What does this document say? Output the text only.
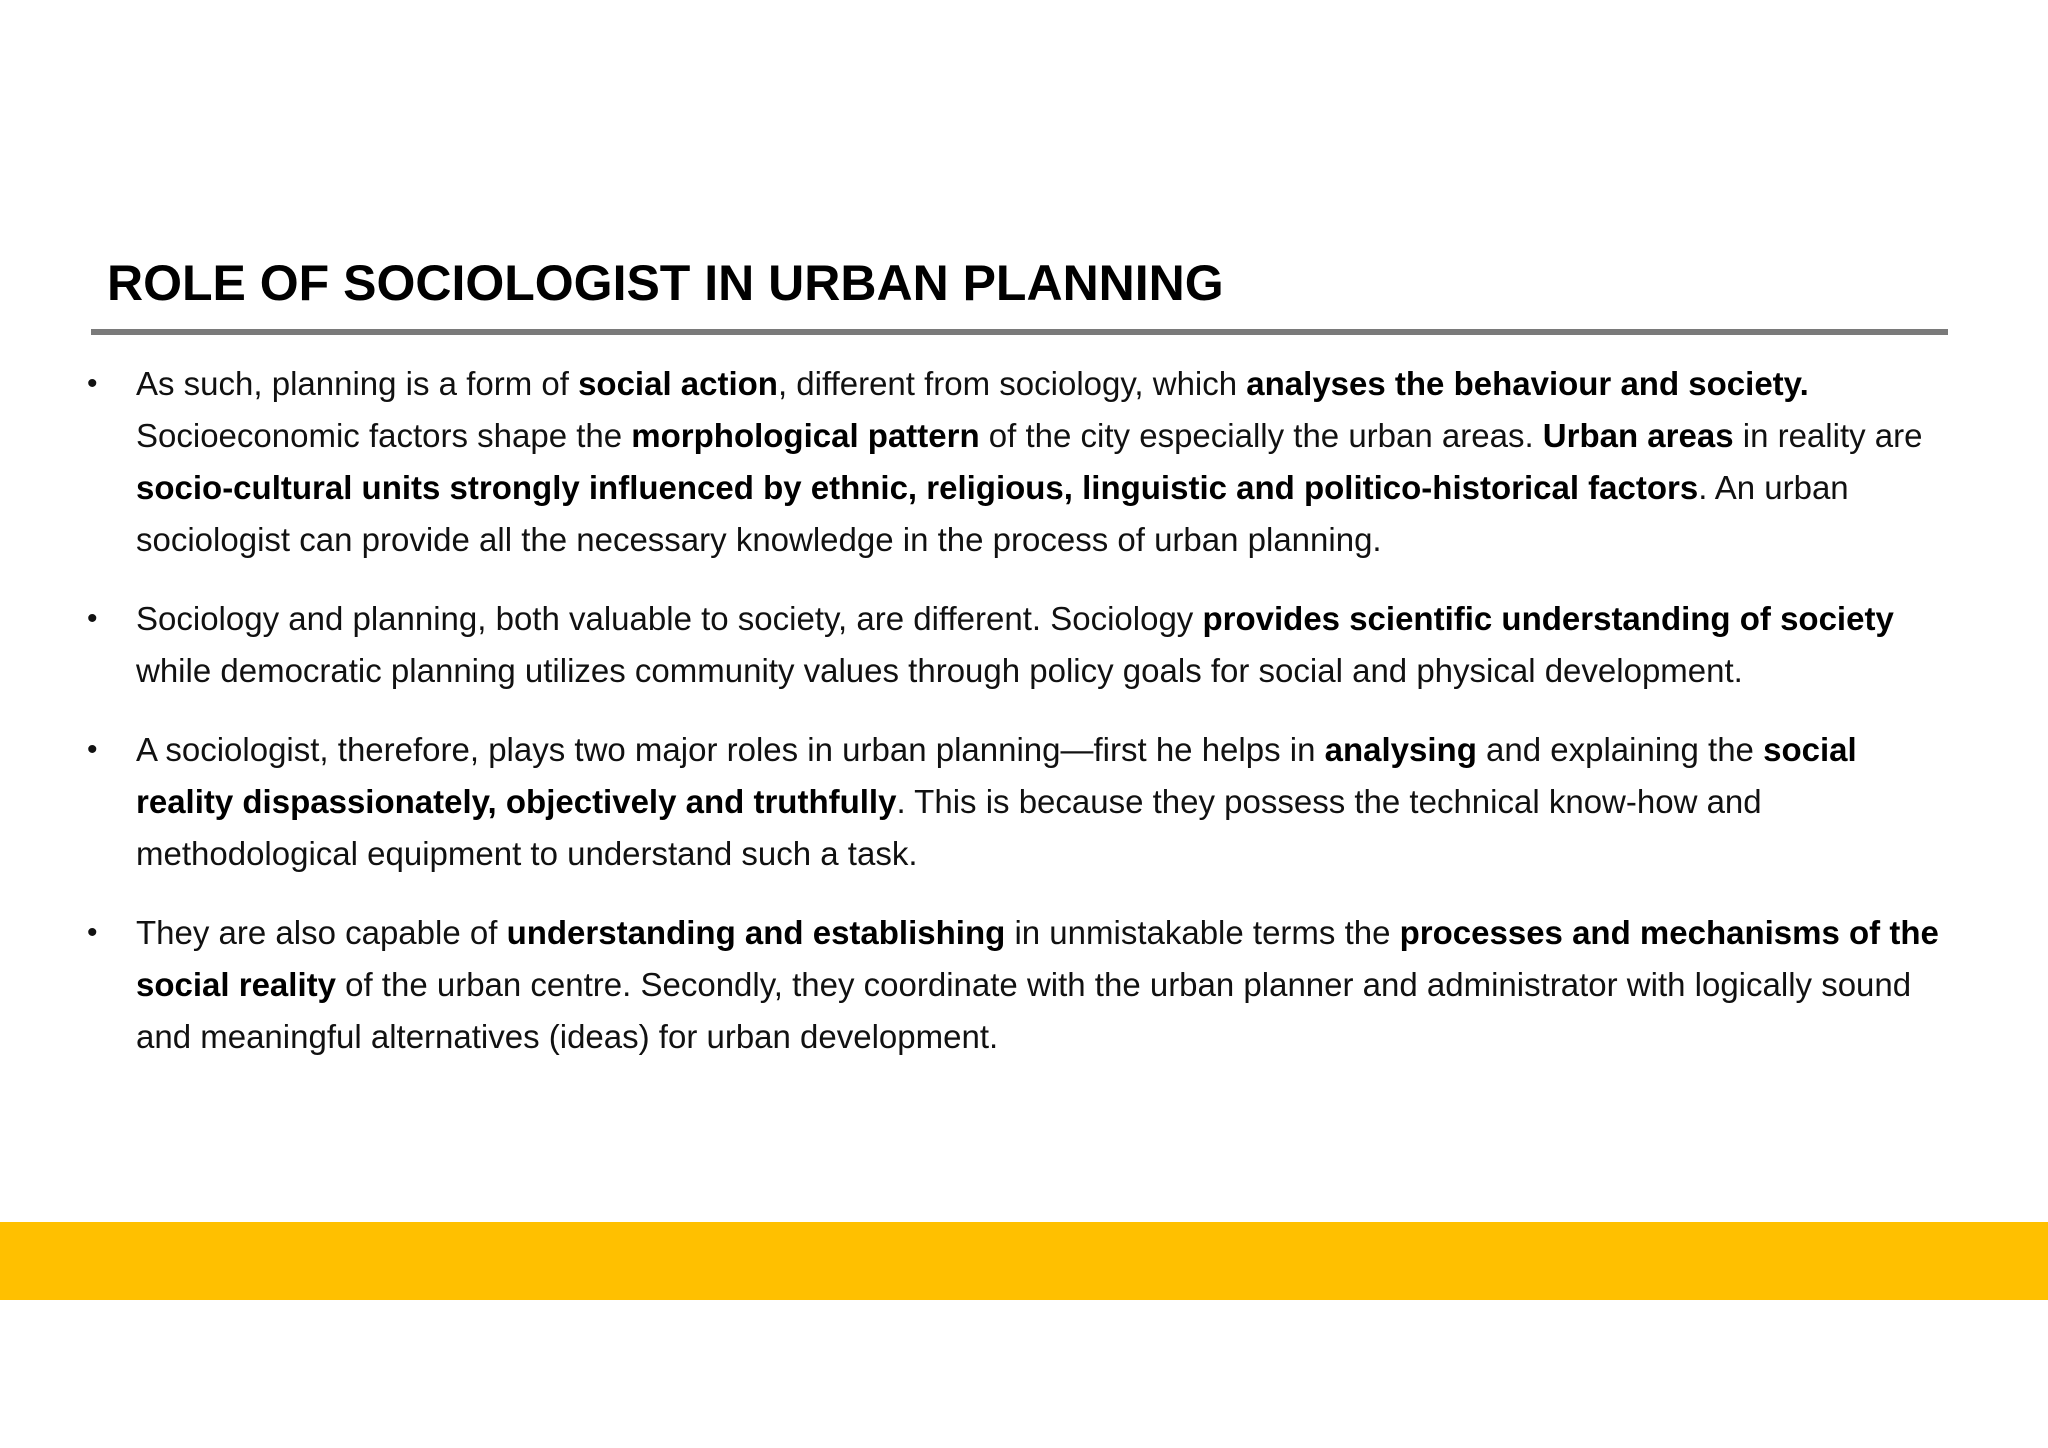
ROLE OF SOCIOLOGIST IN URBAN PLANNING
• As such, planning is a form of social action, different from sociology, which analyses the behaviour and society. Socioeconomic factors shape the morphological pattern of the city especially the urban areas. Urban areas in reality are socio-cultural units strongly influenced by ethnic, religious, linguistic and politico-historical factors. An urban sociologist can provide all the necessary knowledge in the process of urban planning.
• Sociology and planning, both valuable to society, are different. Sociology provides scientific understanding of society while democratic planning utilizes community values through policy goals for social and physical development.
• A sociologist, therefore, plays two major roles in urban planning—first he helps in analysing and explaining the social reality dispassionately, objectively and truthfully. This is because they possess the technical know-how and methodological equipment to understand such a task.
• They are also capable of understanding and establishing in unmistakable terms the processes and mechanisms of the social reality of the urban centre. Secondly, they coordinate with the urban planner and administrator with logically sound and meaningful alternatives (ideas) for urban development.
